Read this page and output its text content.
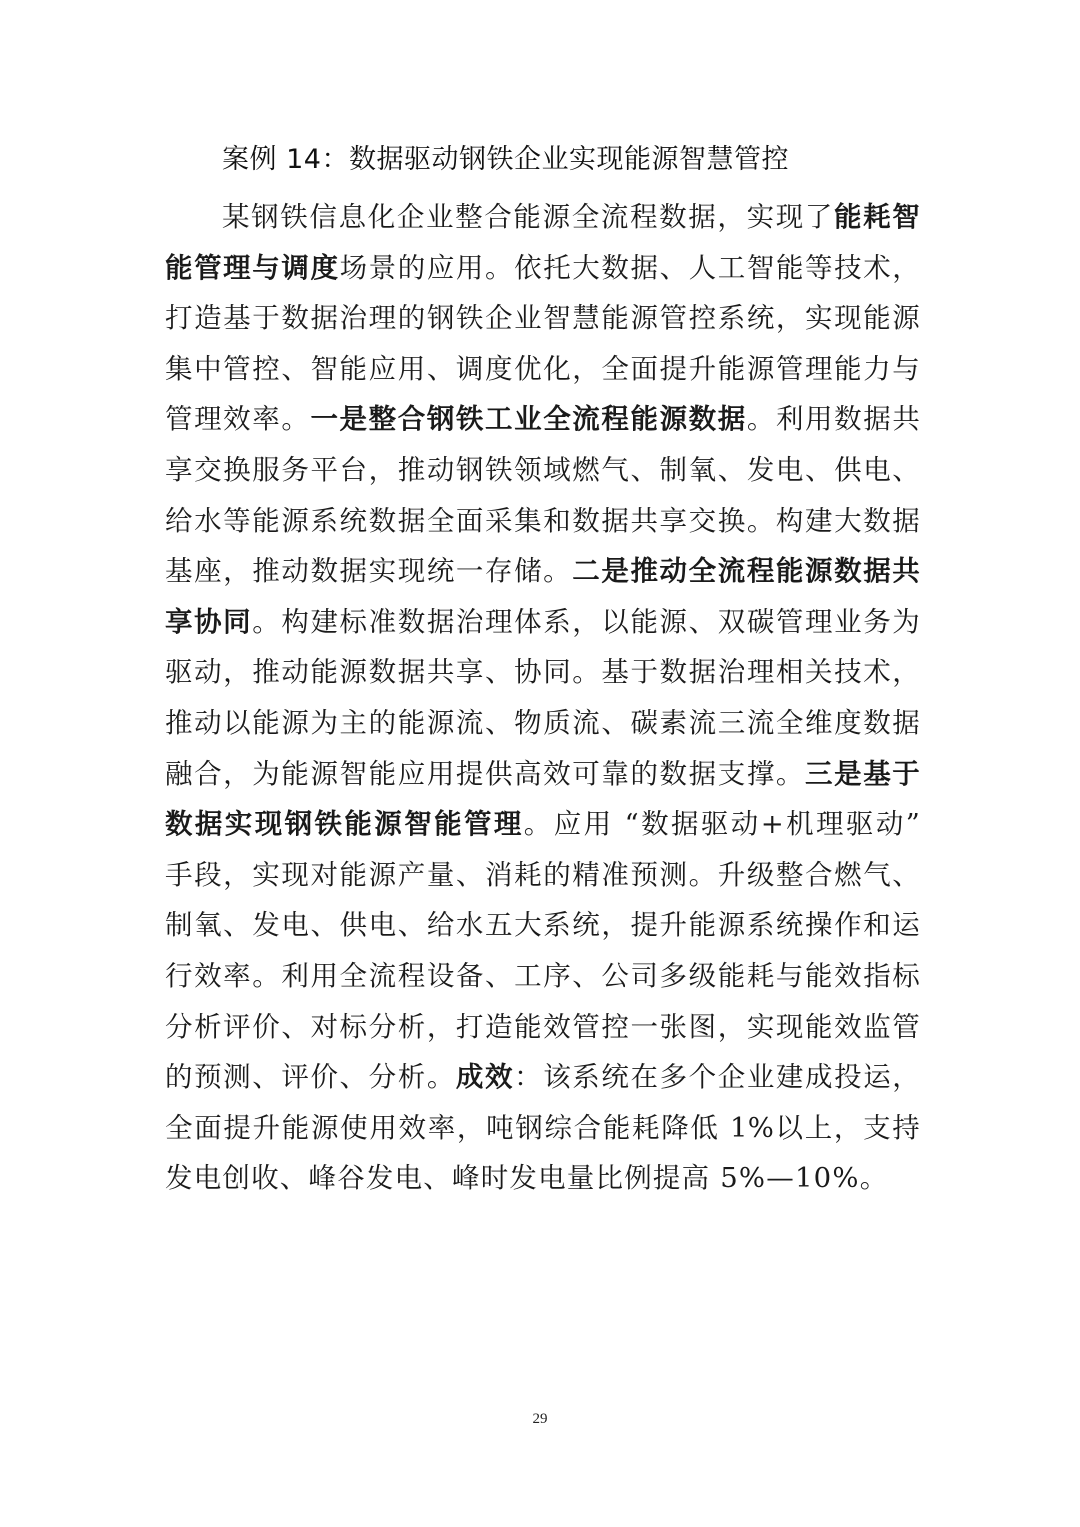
案例 14：数据驱动钢铁企业实现能源智慧管控
某钢铁信息化企业整合能源全流程数据，实现了能耗智
能管理与调度场景的应用。依托大数据、人工智能等技术，
打造基于数据治理的钢铁企业智慧能源管控系统，实现能源
集中管控、智能应用、调度优化，全面提升能源管理能力与
管理效率。一是整合钢铁工业全流程能源数据。利用数据共
享交换服务平台，推动钢铁领域燃气、制氧、发电、供电、
给水等能源系统数据全面采集和数据共享交换。构建大数据
基座，推动数据实现统一存储。二是推动全流程能源数据共
享协同。构建标准数据治理体系，以能源、双碳管理业务为
驱动，推动能源数据共享、协同。基于数据治理相关技术，
推动以能源为主的能源流、物质流、碳素流三流全维度数据
融合，为能源智能应用提供高效可靠的数据支撑。三是基于
数据实现钢铁能源智能管理。应用 “数据驱动+机理驱动”
手段，实现对能源产量、消耗的精准预测。升级整合燃气、
制氧、发电、供电、给水五大系统，提升能源系统操作和运
行效率。利用全流程设备、工序、公司多级能耗与能效指标
分析评价、对标分析，打造能效管控一张图，实现能效监管
的预测、评价、分析。成效：该系统在多个企业建成投运，
全面提升能源使用效率，吨钢综合能耗降低 1%以上，支持
发电创收、峰谷发电、峰时发电量比例提高 5%—10%。
29
